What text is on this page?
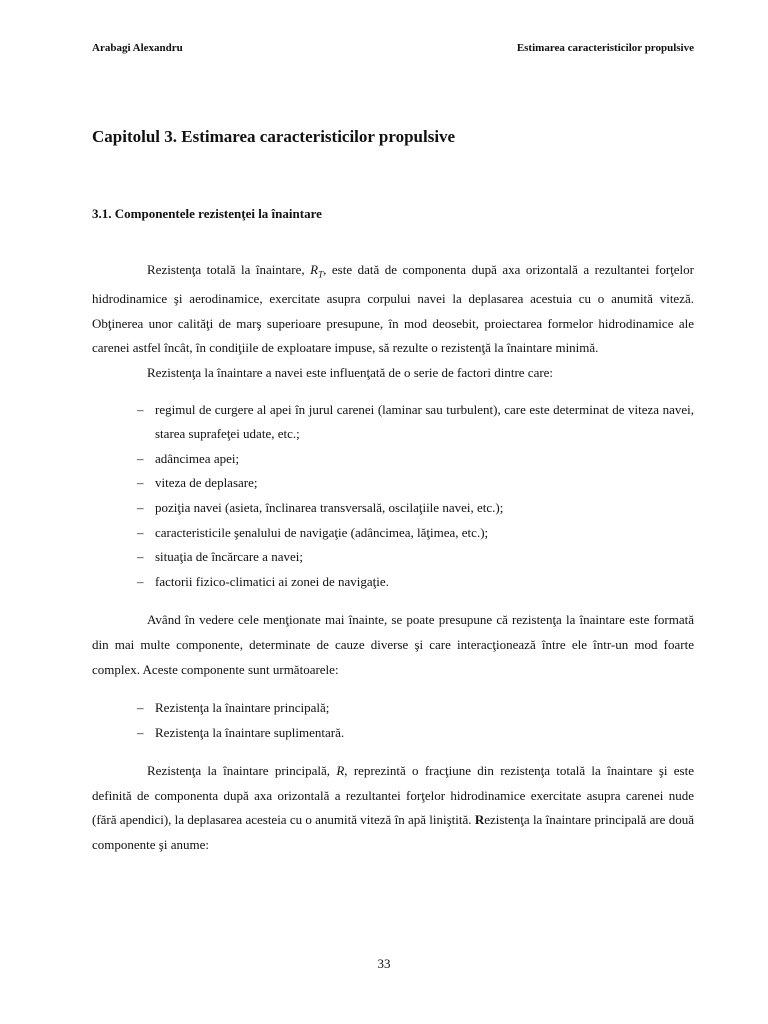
Arabagi Alexandru	Estimarea caracteristicilor propulsive
Capitolul 3. Estimarea caracteristicilor propulsive
3.1. Componentele rezistenţei la înaintare

Rezistenţa totală la înaintare, $R_T$, este dată de componenta după axa orizontală a rezultantei forţelor hidrodinamice şi aerodinamice, exercitate asupra corpului navei la deplasarea acestuia cu o anumită viteză. Obţinerea unor calităţi de marş superioare presupune, în mod deosebit, proiectarea formelor hidrodinamice ale carenei astfel încât, în condiţiile de exploatare impuse, să rezulte o rezistenţă la înaintare minimă.

Rezistenţa la înaintare a navei este influenţată de o serie de factori dintre care:

– regimul de curgere al apei în jurul carenei (laminar sau turbulent), care este determinat de viteza navei, starea suprafeţei udate, etc.;
– adâncimea apei;
– viteza de deplasare;
– poziţia navei (asieta, înclinarea transversală, oscilaţiile navei, etc.);
– caracteristicile şenalului de navigaţie (adâncimea, lăţimea, etc.);
– situaţia de încărcare a navei;
– factorii fizico-climatici ai zonei de navigaţie.

Având în vedere cele menţionate mai înainte, se poate presupune că rezistenţa la înaintare este formată din mai multe componente, determinate de cauze diverse şi care interacţionează între ele într-un mod foarte complex. Aceste componente sunt următoarele:

– Rezistenţa la înaintare principală;
– Rezistenţa la înaintare suplimentară.

Rezistenţa la înaintare principală, R, reprezintă o fracţiune din rezistenţa totală la înaintare şi este definită de componenta după axa orizontală a rezultantei forţelor hidrodinamice exercitate asupra carenei nude (fără apendici), la deplasarea acesteia cu o anumită viteză în apă liniştită. Rezistenţa la înaintare principală are două componente şi anume:

33
